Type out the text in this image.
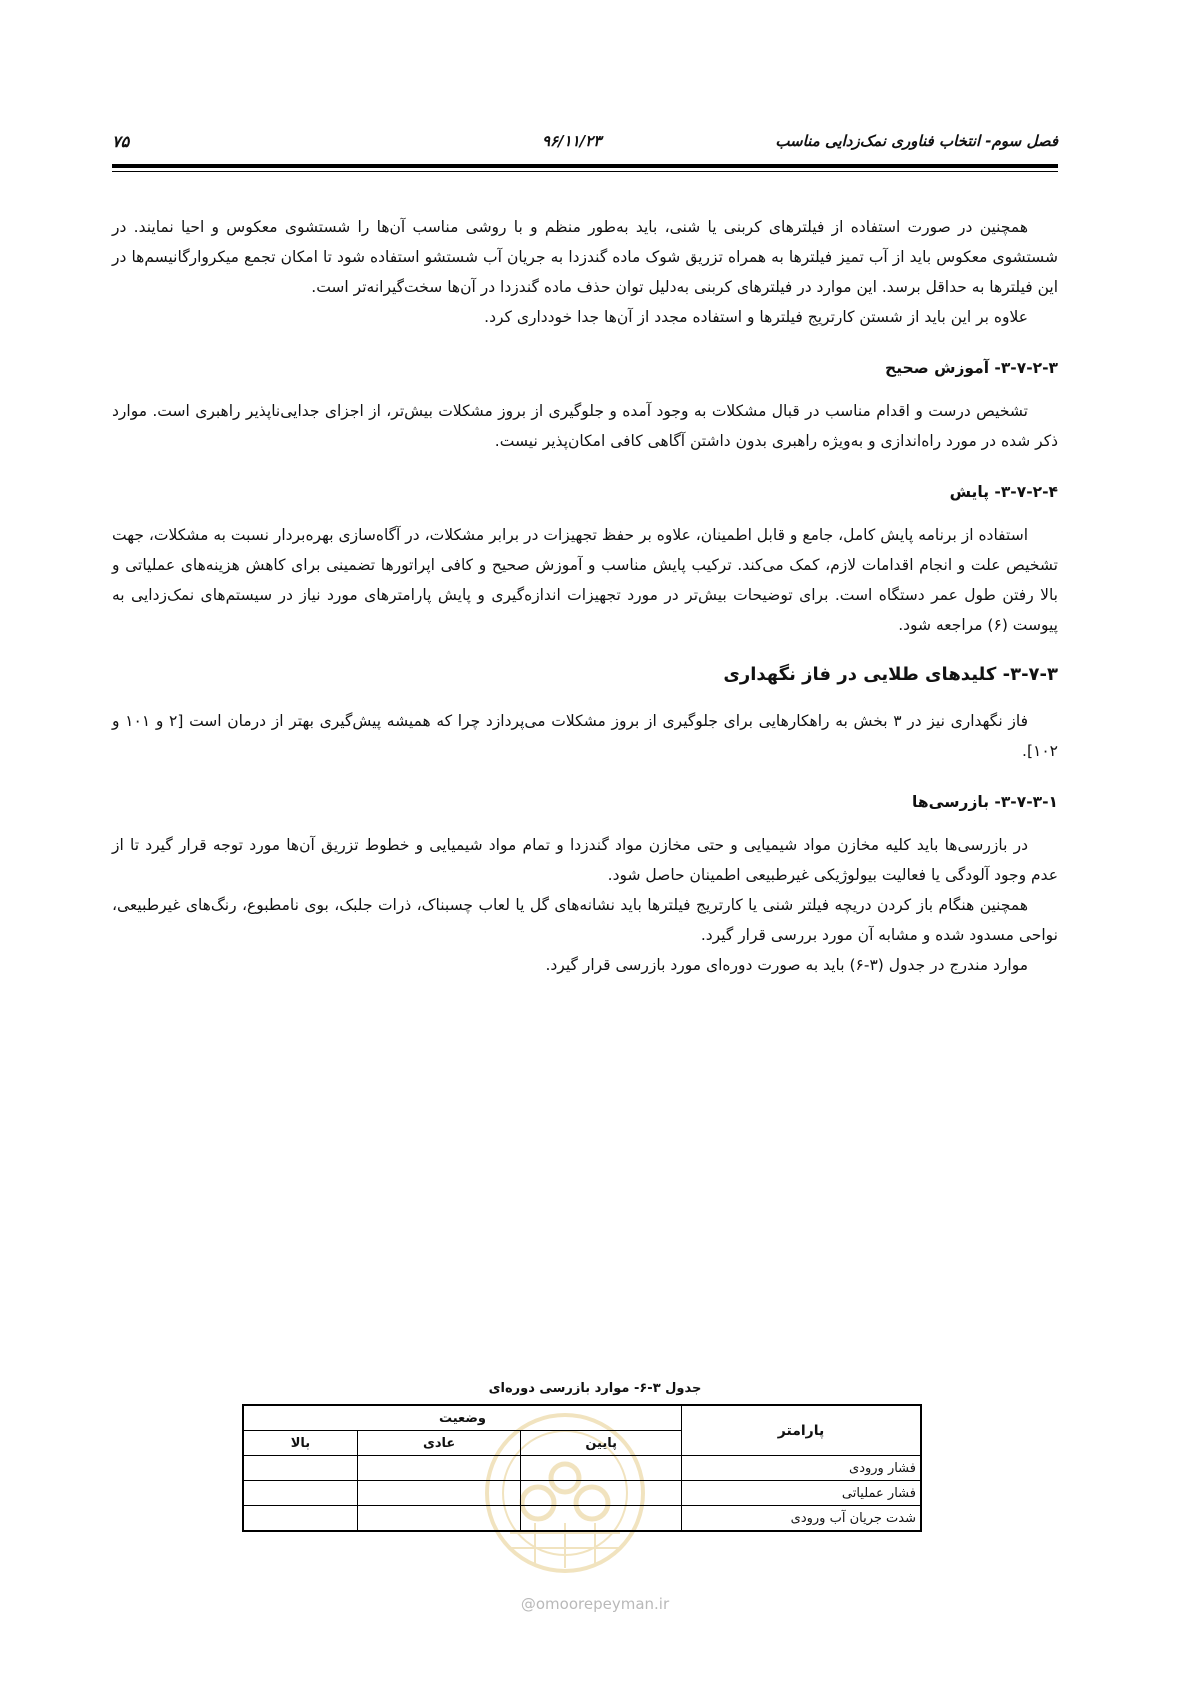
فصل سوم- انتخاب فناوری نمک‌زدایی مناسب
۹۶/۱۱/۲۳
۷۵

همچنین در صورت استفاده از فیلترهای کربنی یا شنی، باید به‌طور منظم و با روشی مناسب آن‌ها را شستشوی معکوس و احیا نمایند. در شستشوی معکوس باید از آب تمیز فیلترها به همراه تزریق شوک ماده گندزدا به جریان آب شستشو استفاده شود تا امکان تجمع میکروارگانیسم‌ها در این فیلترها به حداقل برسد. این موارد در فیلترهای کربنی به‌دلیل توان حذف ماده گندزدا در آن‌ها سخت‌گیرانه‌تر است.

علاوه بر این باید از شستن کارتریج فیلترها و استفاده مجدد از آن‌ها جدا خودداری کرد.

۳-۷-۲-۳- آموزش صحیح

تشخیص درست و اقدام مناسب در قبال مشکلات به وجود آمده و جلوگیری از بروز مشکلات بیش‌تر، از اجزای جدایی‌ناپذیر راهبری است. موارد ذکر شده در مورد راه‌اندازی و به‌ویژه راهبری بدون داشتن آگاهی کافی امکان‌پذیر نیست.

۳-۷-۲-۴- پایش

استفاده از برنامه پایش کامل، جامع و قابل اطمینان، علاوه بر حفظ تجهیزات در برابر مشکلات، در آگاه‌سازی بهره‌بردار نسبت به مشکلات، جهت تشخیص علت و انجام اقدامات لازم، کمک می‌کند. ترکیب پایش مناسب و آموزش صحیح و کافی اپراتورها تضمینی برای کاهش هزینه‌های عملیاتی و بالا رفتن طول عمر دستگاه است. برای توضیحات بیش‌تر در مورد تجهیزات اندازه‌گیری و پایش پارامترهای مورد نیاز در سیستم‌های نمک‌زدایی به پیوست (۶) مراجعه شود.

۳-۷-۳- کلیدهای طلایی در فاز نگهداری

فاز نگهداری نیز در ۳ بخش به راهکارهایی برای جلوگیری از بروز مشکلات می‌پردازد چرا که همیشه پیش‌گیری بهتر از درمان است [۲ و ۱۰۱ و ۱۰۲].

۳-۷-۳-۱- بازرسی‌ها

در بازرسی‌ها باید کلیه مخازن مواد شیمیایی و حتی مخازن مواد گندزدا و تمام مواد شیمیایی و خطوط تزریق آن‌ها مورد توجه قرار گیرد تا از عدم وجود آلودگی یا فعالیت بیولوژیکی غیرطبیعی اطمینان حاصل شود.

همچنین هنگام باز کردن دریچه فیلتر شنی یا کارتریج فیلترها باید نشانه‌های گل یا لعاب چسبناک، ذرات جلبک، بوی نامطبوع، رنگ‌های غیرطبیعی، نواحی مسدود شده و مشابه آن مورد بررسی قرار گیرد.

موارد مندرج در جدول (۳-۶) باید به صورت دوره‌ای مورد بازرسی قرار گیرد.

جدول ۳-۶- موارد بازرسی دوره‌ای
پارامتر	وضعیت		
	پایین	عادی	بالا
فشار ورودی			
فشار عملیاتی			
شدت جریان آب ورودی			
@omoorepeyman.ir
